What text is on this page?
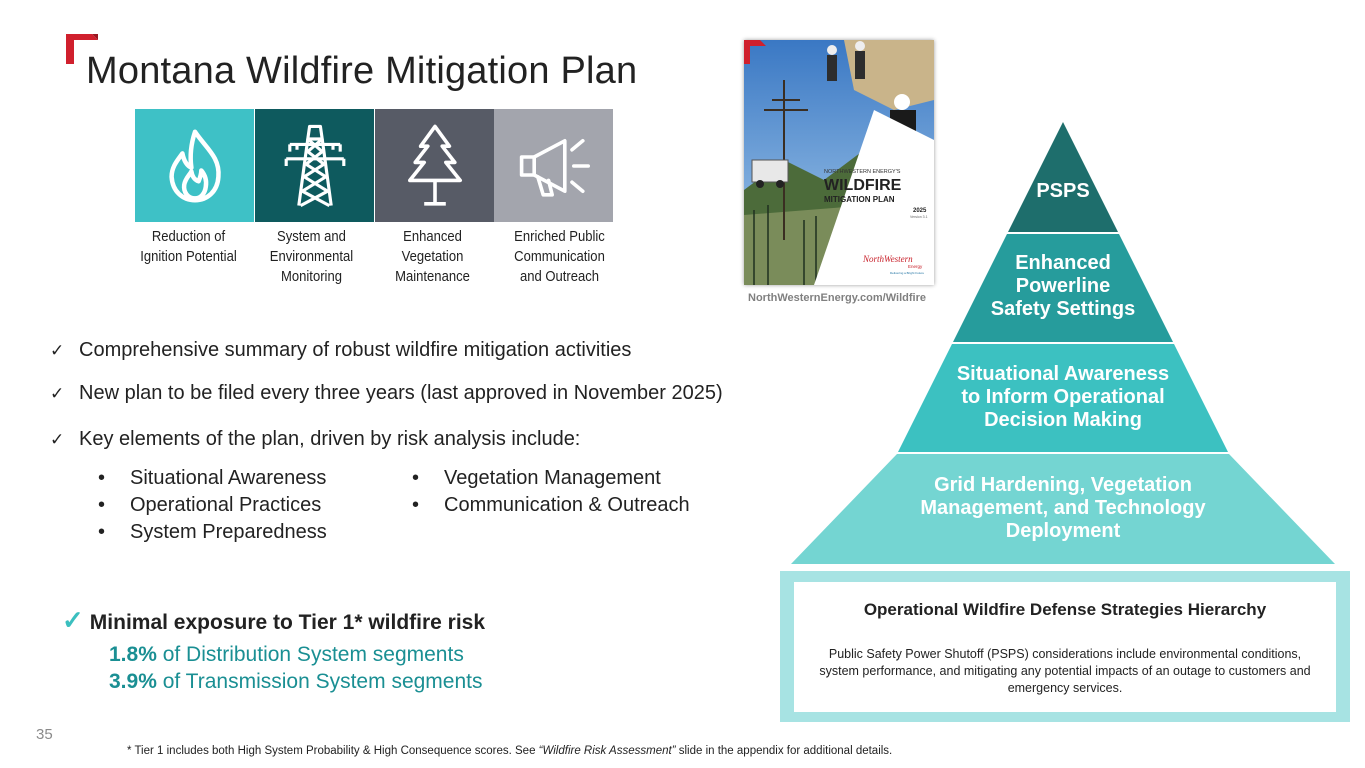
Montana Wildfire Mitigation Plan
Reduction of
Ignition Potential
System and
Environmental
Monitoring
Enhanced
Vegetation
Maintenance
Enriched Public
Communication
and Outreach
NORTHWESTERN ENERGY'S
WILDFIRE
MITIGATION PLAN
2025
Version 3.1
NorthWestern
Energy
Delivering a Bright Future
NorthWesternEnergy.com/Wildfire
✓ Comprehensive summary of robust wildfire mitigation activities
✓ New plan to be filed every three years (last approved in November 2025)
✓ Key elements of the plan, driven by risk analysis include:
• Situational Awareness
• Operational Practices
• System Preparedness
• Vegetation Management
• Communication & Outreach
✓ Minimal exposure to Tier 1* wildfire risk
1.8% of Distribution System segments
3.9% of Transmission System segments
PSPS
Enhanced
Powerline
Safety Settings
Situational Awareness
to Inform Operational
Decision Making
Grid Hardening, Vegetation
Management, and Technology
Deployment
Operational Wildfire Defense Strategies Hierarchy
Public Safety Power Shutoff (PSPS) considerations include environmental conditions, system performance, and mitigating any potential impacts of an outage to customers and emergency services.
35
* Tier 1 includes both High System Probability & High Consequence scores. See “Wildfire Risk Assessment” slide in the appendix for additional details.
